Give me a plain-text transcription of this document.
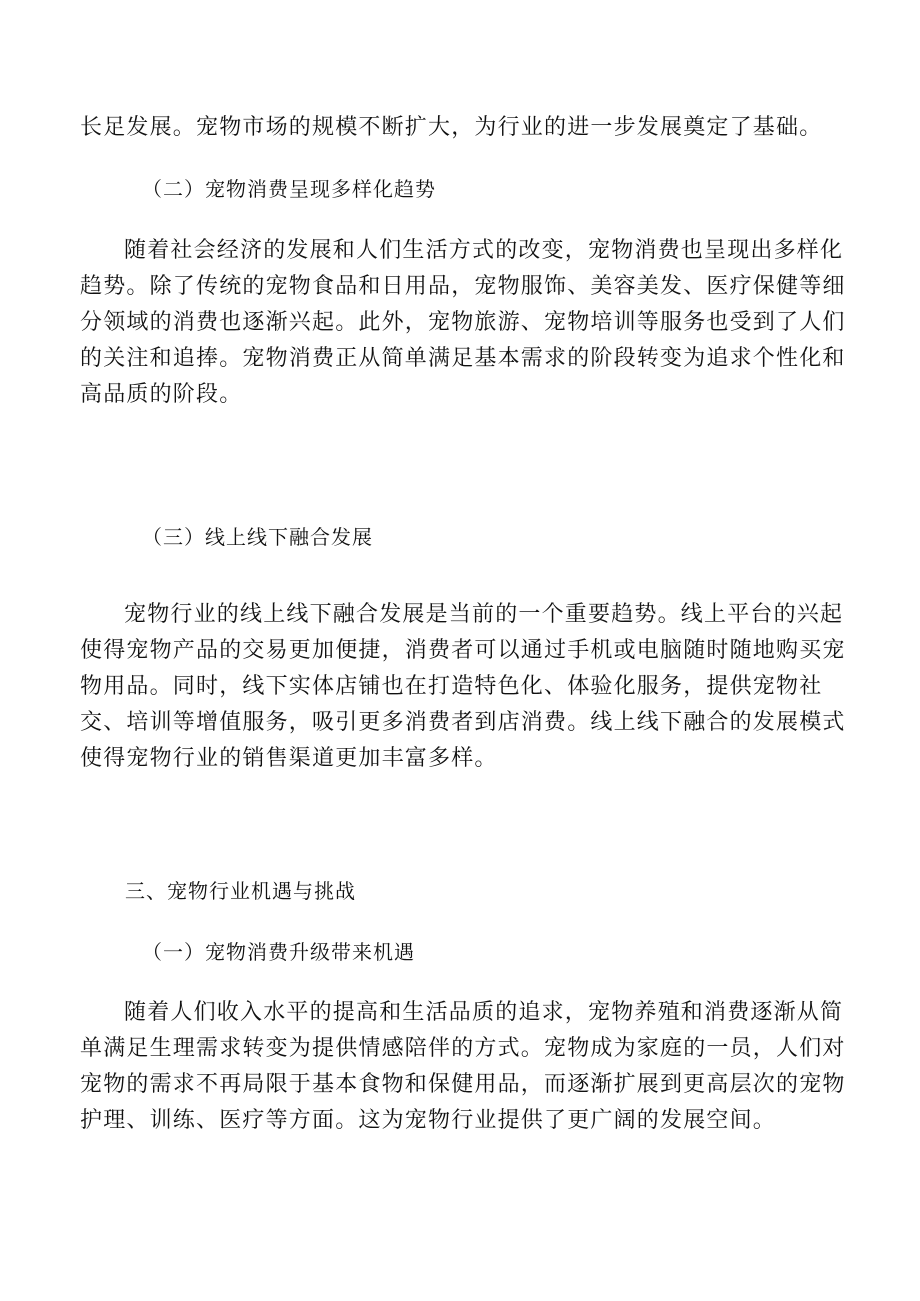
长足发展。宠物市场的规模不断扩大，为行业的进一步发展奠定了基础。

（二）宠物消费呈现多样化趋势

随着社会经济的发展和人们生活方式的改变，宠物消费也呈现出多样化趋势。除了传统的宠物食品和日用品，宠物服饰、美容美发、医疗保健等细分领域的消费也逐渐兴起。此外，宠物旅游、宠物培训等服务也受到了人们的关注和追捧。宠物消费正从简单满足基本需求的阶段转变为追求个性化和高品质的阶段。

（三）线上线下融合发展

宠物行业的线上线下融合发展是当前的一个重要趋势。线上平台的兴起使得宠物产品的交易更加便捷，消费者可以通过手机或电脑随时随地购买宠物用品。同时，线下实体店铺也在打造特色化、体验化服务，提供宠物社交、培训等增值服务，吸引更多消费者到店消费。线上线下融合的发展模式使得宠物行业的销售渠道更加丰富多样。

三、宠物行业机遇与挑战

（一）宠物消费升级带来机遇

随着人们收入水平的提高和生活品质的追求，宠物养殖和消费逐渐从简单满足生理需求转变为提供情感陪伴的方式。宠物成为家庭的一员，人们对宠物的需求不再局限于基本食物和保健用品，而逐渐扩展到更高层次的宠物护理、训练、医疗等方面。这为宠物行业提供了更广阔的发展空间。
